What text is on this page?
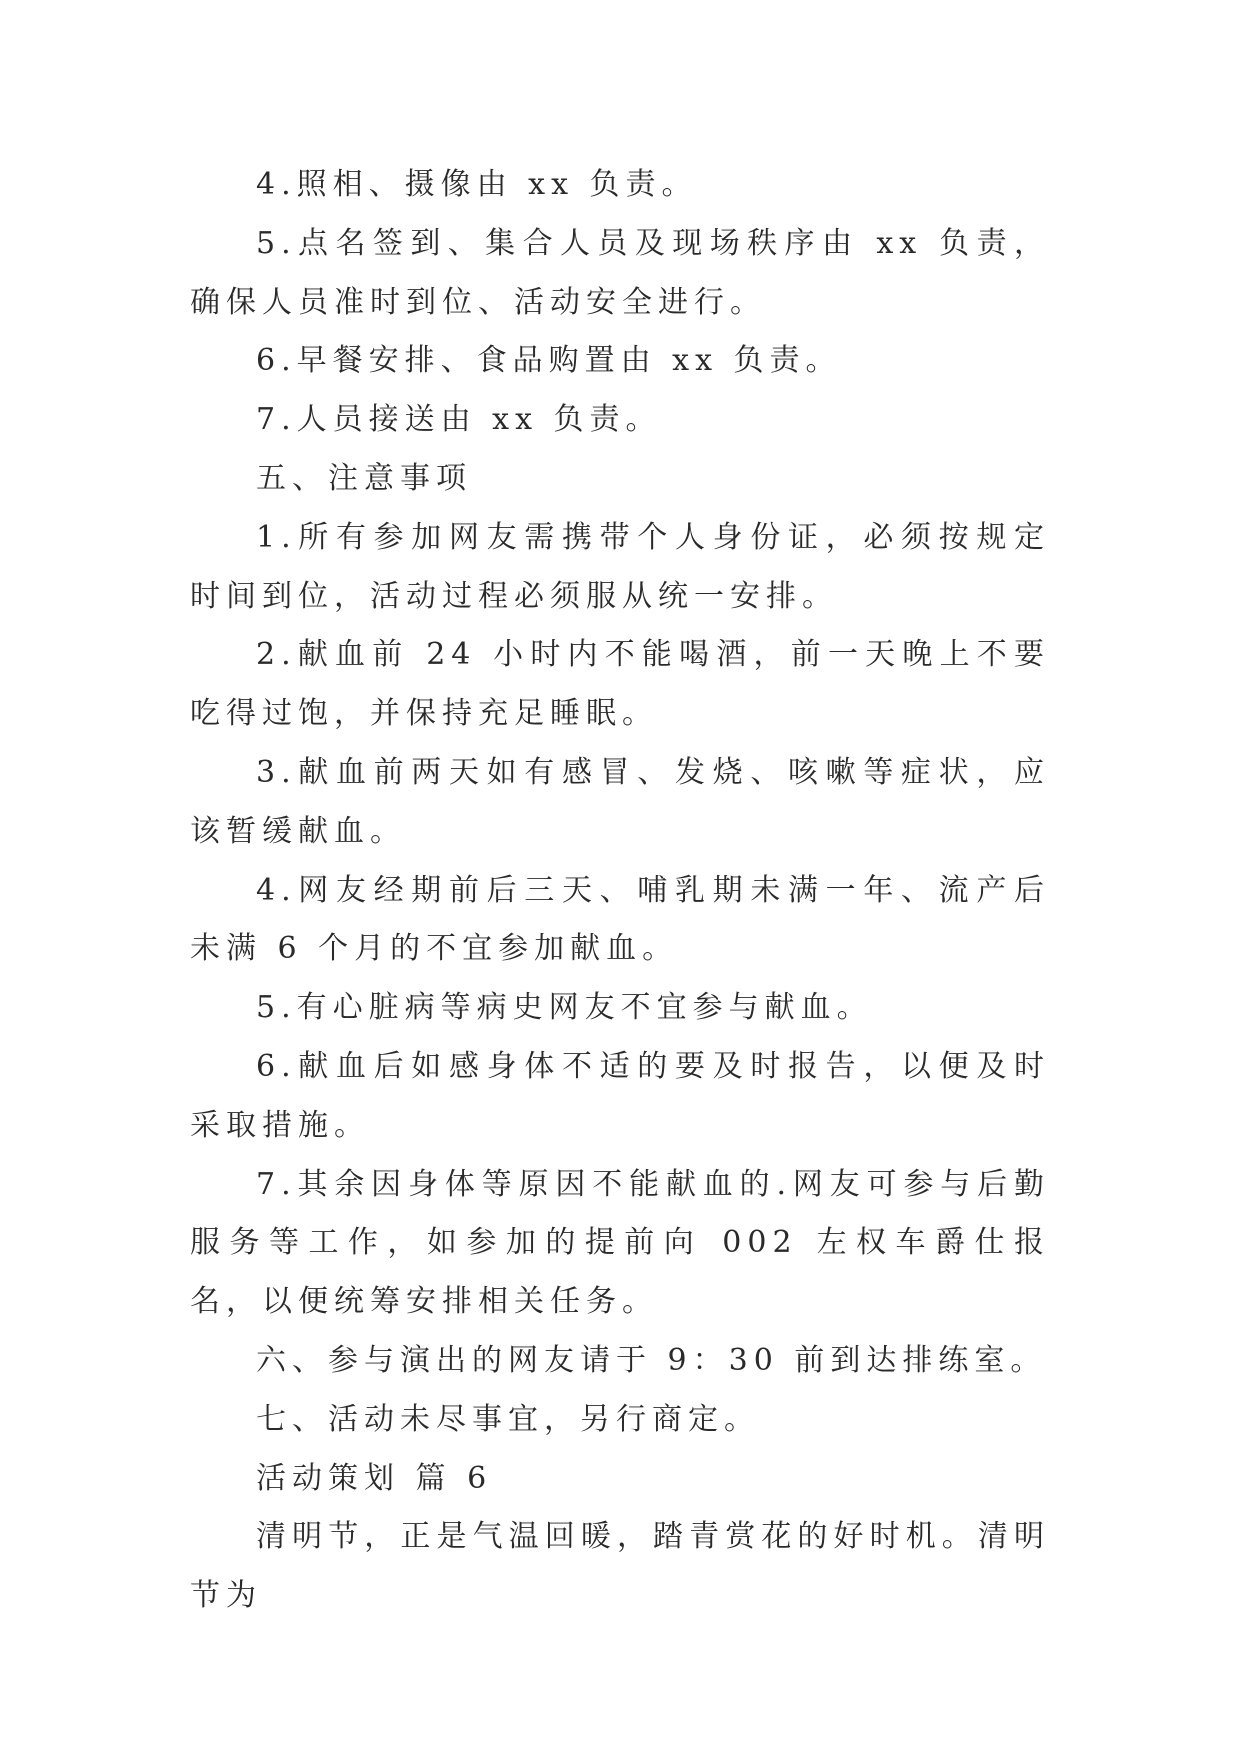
4.照相、摄像由 xx 负责。

5.点名签到、集合人员及现场秩序由 xx 负责，确保人员准时到位、活动安全进行。

6.早餐安排、食品购置由 xx 负责。

7.人员接送由 xx 负责。

五、注意事项

1.所有参加网友需携带个人身份证，必须按规定时间到位，活动过程必须服从统一安排。

2.献血前 24 小时内不能喝酒，前一天晚上不要吃得过饱，并保持充足睡眠。

3.献血前两天如有感冒、发烧、咳嗽等症状，应该暂缓献血。

4.网友经期前后三天、哺乳期未满一年、流产后未满 6 个月的不宜参加献血。

5.有心脏病等病史网友不宜参与献血。

6.献血后如感身体不适的要及时报告，以便及时采取措施。

7.其余因身体等原因不能献血的.网友可参与后勤服务等工作，如参加的提前向 002 左权车爵仕报名，以便统筹安排相关任务。

六、参与演出的网友请于 9：30 前到达排练室。

七、活动未尽事宜，另行商定。

活动策划 篇 6

清明节，正是气温回暖，踏青赏花的好时机。清明节为
